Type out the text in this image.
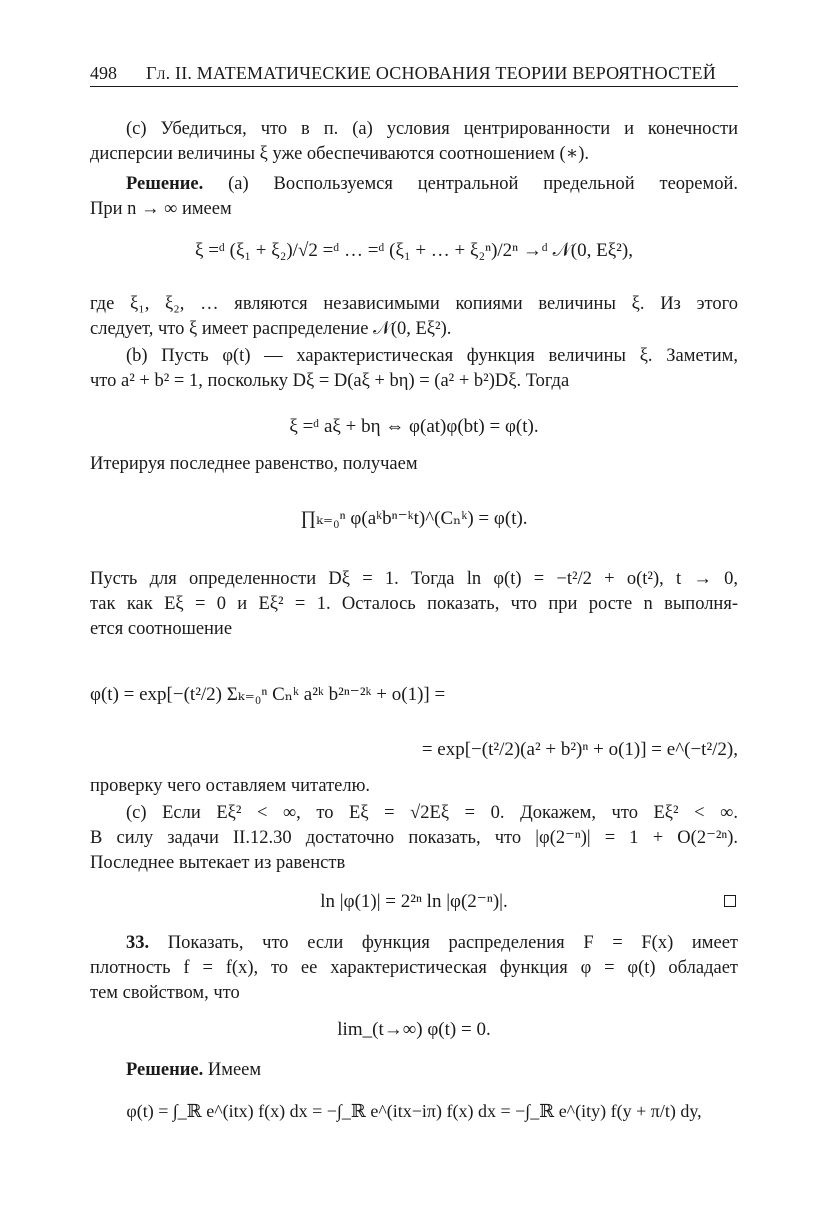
498 Гл. II. МАТЕМАТИЧЕСКИЕ ОСНОВАНИЯ ТЕОРИИ ВЕРОЯТНОСТЕЙ
(c) Убедиться, что в п. (a) условия центрированности и конечности
дисперсии величины ξ уже обеспечиваются соотношением (∗).
Решение. (a) Воспользуемся центральной предельной теоремой.
При n → ∞ имеем
ξ =ᵈ (ξ₁ + ξ₂)/√2 =ᵈ … =ᵈ (ξ₁ + … + ξ₂ⁿ)/2ⁿ →ᵈ 𝒩(0, Eξ²),
где ξ₁, ξ₂, … являются независимыми копиями величины ξ. Из этого
следует, что ξ имеет распределение 𝒩(0, Eξ²).
(b) Пусть φ(t) — характеристическая функция величины ξ. Заметим,
что a² + b² = 1, поскольку Dξ = D(aξ + bη) = (a² + b²)Dξ. Тогда
ξ =ᵈ aξ + bη ⇔ φ(at)φ(bt) = φ(t).
Итерируя последнее равенство, получаем
∏ₖ₌₀ⁿ φ(aᵏbⁿ⁻ᵏt)^(Cₙᵏ) = φ(t).
Пусть для определенности Dξ = 1. Тогда ln φ(t) = −t²/2 + o(t²), t → 0,
так как Eξ = 0 и Eξ² = 1. Осталось показать, что при росте n выполня-
ется соотношение
φ(t) = exp[−(t²/2) Σₖ₌₀ⁿ Cₙᵏ a²ᵏ b²ⁿ⁻²ᵏ + o(1)] =
= exp[−(t²/2)(a² + b²)ⁿ + o(1)] = e^(−t²/2),
проверку чего оставляем читателю.
(c) Если Eξ² < ∞, то Eξ = √2Eξ = 0. Докажем, что Eξ² < ∞.
В силу задачи II.12.30 достаточно показать, что |φ(2⁻ⁿ)| = 1 + O(2⁻²ⁿ).
Последнее вытекает из равенств
ln |φ(1)| = 2²ⁿ ln |φ(2⁻ⁿ)|.
33. Показать, что если функция распределения F = F(x) имеет
плотность f = f(x), то ее характеристическая функция φ = φ(t) обладает
тем свойством, что
lim_(t→∞) φ(t) = 0.
Решение. Имеем
φ(t) = ∫_ℝ e^(itx) f(x) dx = −∫_ℝ e^(itx−iπ) f(x) dx = −∫_ℝ e^(ity) f(y + π/t) dy,
